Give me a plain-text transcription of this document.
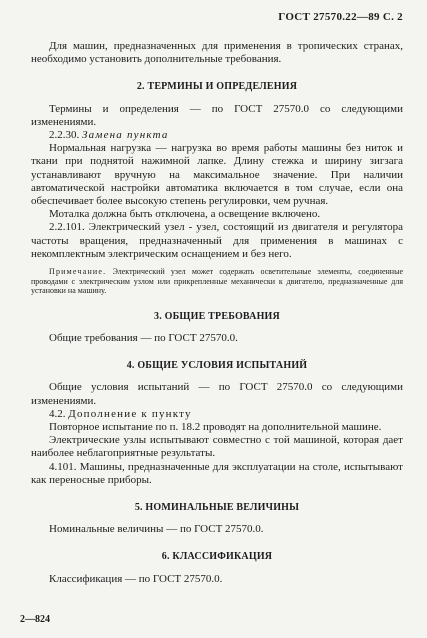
ГОСТ 27570.22—89 С. 2

Для машин, предназначенных для применения в тропических странах, необходимо установить дополнительные требования.

2. ТЕРМИНЫ И ОПРЕДЕЛЕНИЯ

Термины и определения — по ГОСТ 27570.0 со следующими изменениями.

2.2.30. Замена пункта

Нормальная нагрузка — нагрузка во время работы машины без ниток и ткани при поднятой нажимной лапке. Длину стежка и ширину зигзага устанавливают вручную на максимальное значение. При наличии автоматической настройки автоматика включается в том случае, если она обеспечивает более высокую степень регулировки, чем ручная.

Моталка должна быть отключена, а освещение включено.

2.2.101. Электрический узел - узел, состоящий из двигателя и регулятора частоты вращения, предназначенный для применения в машинах с некомплектным электрическим оснащением и без него.

Примечание. Электрический узел может содержать осветительные элементы, соединенные проводами с электрическим узлом или прикрепленные механически к двигателю, предназначенные для установки на машину.

3. ОБЩИЕ ТРЕБОВАНИЯ

Общие требования — по ГОСТ 27570.0.

4. ОБЩИЕ УСЛОВИЯ ИСПЫТАНИЙ

Общие условия испытаний — по ГОСТ 27570.0 со следующими изменениями.

4.2. Дополнение к пункту

Повторное испытание по п. 18.2 проводят на дополнительной машине.

Электрические узлы испытывают совместно с той машиной, которая дает наиболее неблагоприятные результаты.

4.101. Машины, предназначенные для эксплуатации на столе, испытывают как переносные приборы.

5. НОМИНАЛЬНЫЕ ВЕЛИЧИНЫ

Номинальные величины — по ГОСТ 27570.0.

6. КЛАССИФИКАЦИЯ

Классификация — по ГОСТ 27570.0.

2—824
